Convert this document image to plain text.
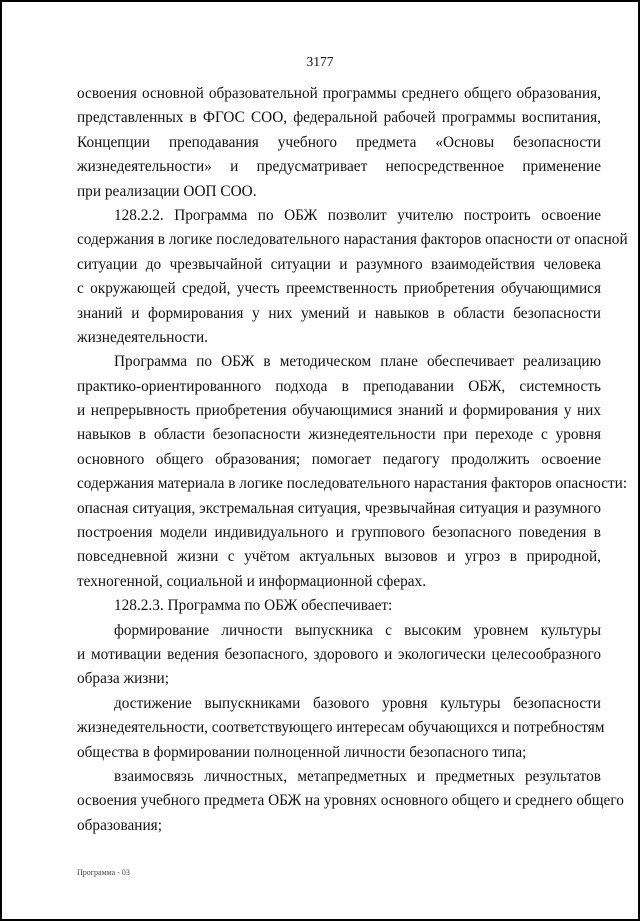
3177
освоения основной образовательной программы среднего общего образования,
представленных в ФГОС СОО, федеральной рабочей программы воспитания,
Концепции преподавания учебного предмета «Основы безопасности
жизнедеятельности» и предусматривает непосредственное применение
при реализации ООП СОО.
128.2.2. Программа по ОБЖ позволит учителю построить освоение
содержания в логике последовательного нарастания факторов опасности от опасной
ситуации до чрезвычайной ситуации и разумного взаимодействия человека
с окружающей средой, учесть преемственность приобретения обучающимися
знаний и формирования у них умений и навыков в области безопасности
жизнедеятельности.
Программа по ОБЖ в методическом плане обеспечивает реализацию
практико-ориентированного подхода в преподавании ОБЖ, системность
и непрерывность приобретения обучающимися знаний и формирования у них
навыков в области безопасности жизнедеятельности при переходе с уровня
основного общего образования; помогает педагогу продолжить освоение
содержания материала в логике последовательного нарастания факторов опасности:
опасная ситуация, экстремальная ситуация, чрезвычайная ситуация и разумного
построения модели индивидуального и группового безопасного поведения в
повседневной жизни с учётом актуальных вызовов и угроз в природной,
техногенной, социальной и информационной сферах.
128.2.3. Программа по ОБЖ обеспечивает:
формирование личности выпускника с высоким уровнем культуры
и мотивации ведения безопасного, здорового и экологически целесообразного
образа жизни;
достижение выпускниками базового уровня культуры безопасности
жизнедеятельности, соответствующего интересам обучающихся и потребностям
общества в формировании полноценной личности безопасного типа;
взаимосвязь личностных, метапредметных и предметных результатов
освоения учебного предмета ОБЖ на уровнях основного общего и среднего общего
образования;
Программа - 03
